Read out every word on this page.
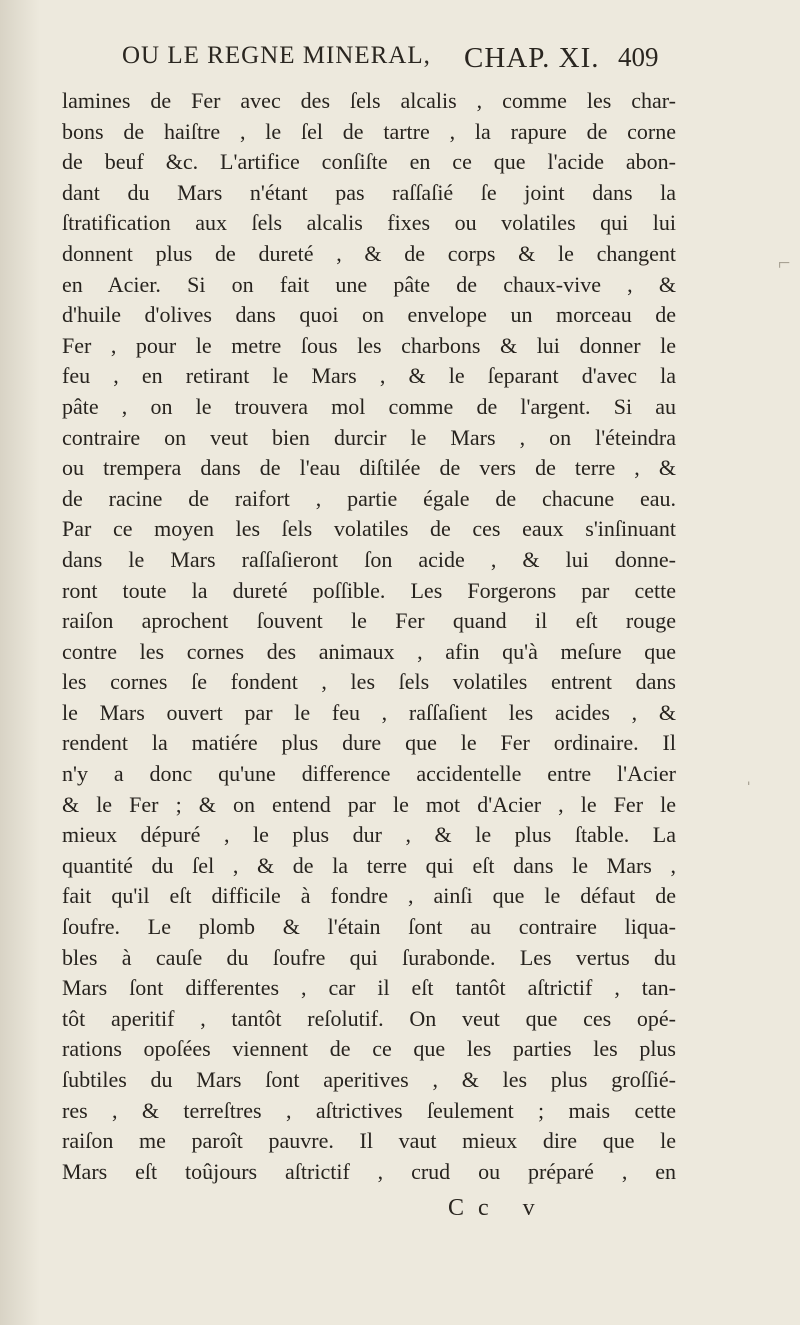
OU LE REGNE MINERAL, CHAP. XI. 409
lamines de Fer avec des ſels alcalis , comme les char-
bons de haiſtre , le ſel de tartre , la rapure de corne
de beuf &c. L'artifice conſiſte en ce que l'acide abon-
dant du Mars n'étant pas raſſaſié ſe joint dans la
ſtratification aux ſels alcalis fixes ou volatiles qui lui
donnent plus de dureté , & de corps & le changent
en Acier. Si on fait une pâte de chaux-vive , &
d'huile d'olives dans quoi on envelope un morceau de
Fer , pour le metre ſous les charbons & lui donner le
feu , en retirant le Mars , & le ſeparant d'avec la
pâte , on le trouvera mol comme de l'argent. Si au
contraire on veut bien durcir le Mars , on l'éteindra
ou trempera dans de l'eau diſtilée de vers de terre , &
de racine de raifort , partie égale de chacune eau.
Par ce moyen les ſels volatiles de ces eaux s'inſinuant
dans le Mars raſſaſieront ſon acide , & lui donne-
ront toute la dureté poſſible. Les Forgerons par cette
raiſon aprochent ſouvent le Fer quand il eſt rouge
contre les cornes des animaux , afin qu'à meſure que
les cornes ſe fondent , les ſels volatiles entrent dans
le Mars ouvert par le feu , raſſaſient les acides , &
rendent la matiére plus dure que le Fer ordinaire. Il
n'y a donc qu'une difference accidentelle entre l'Acier
& le Fer ; & on entend par le mot d'Acier , le Fer le
mieux dépuré , le plus dur , & le plus ſtable. La
quantité du ſel , & de la terre qui eſt dans le Mars ,
fait qu'il eſt difficile à fondre , ainſi que le défaut de
ſoufre. Le plomb & l'étain ſont au contraire liqua-
bles à cauſe du ſoufre qui ſurabonde. Les vertus du
Mars ſont differentes , car il eſt tantôt aſtrictif , tan-
tôt aperitif , tantôt reſolutif. On veut que ces opé-
rations opoſées viennent de ce que les parties les plus
ſubtiles du Mars ſont aperitives , & les plus groſſié-
res , & terreſtres , aſtrictives ſeulement ; mais cette
raiſon me paroît pauvre. Il vaut mieux dire que le
Mars eſt toûjours aſtrictif , crud ou préparé , en
Cc v
⌐
ˌ
